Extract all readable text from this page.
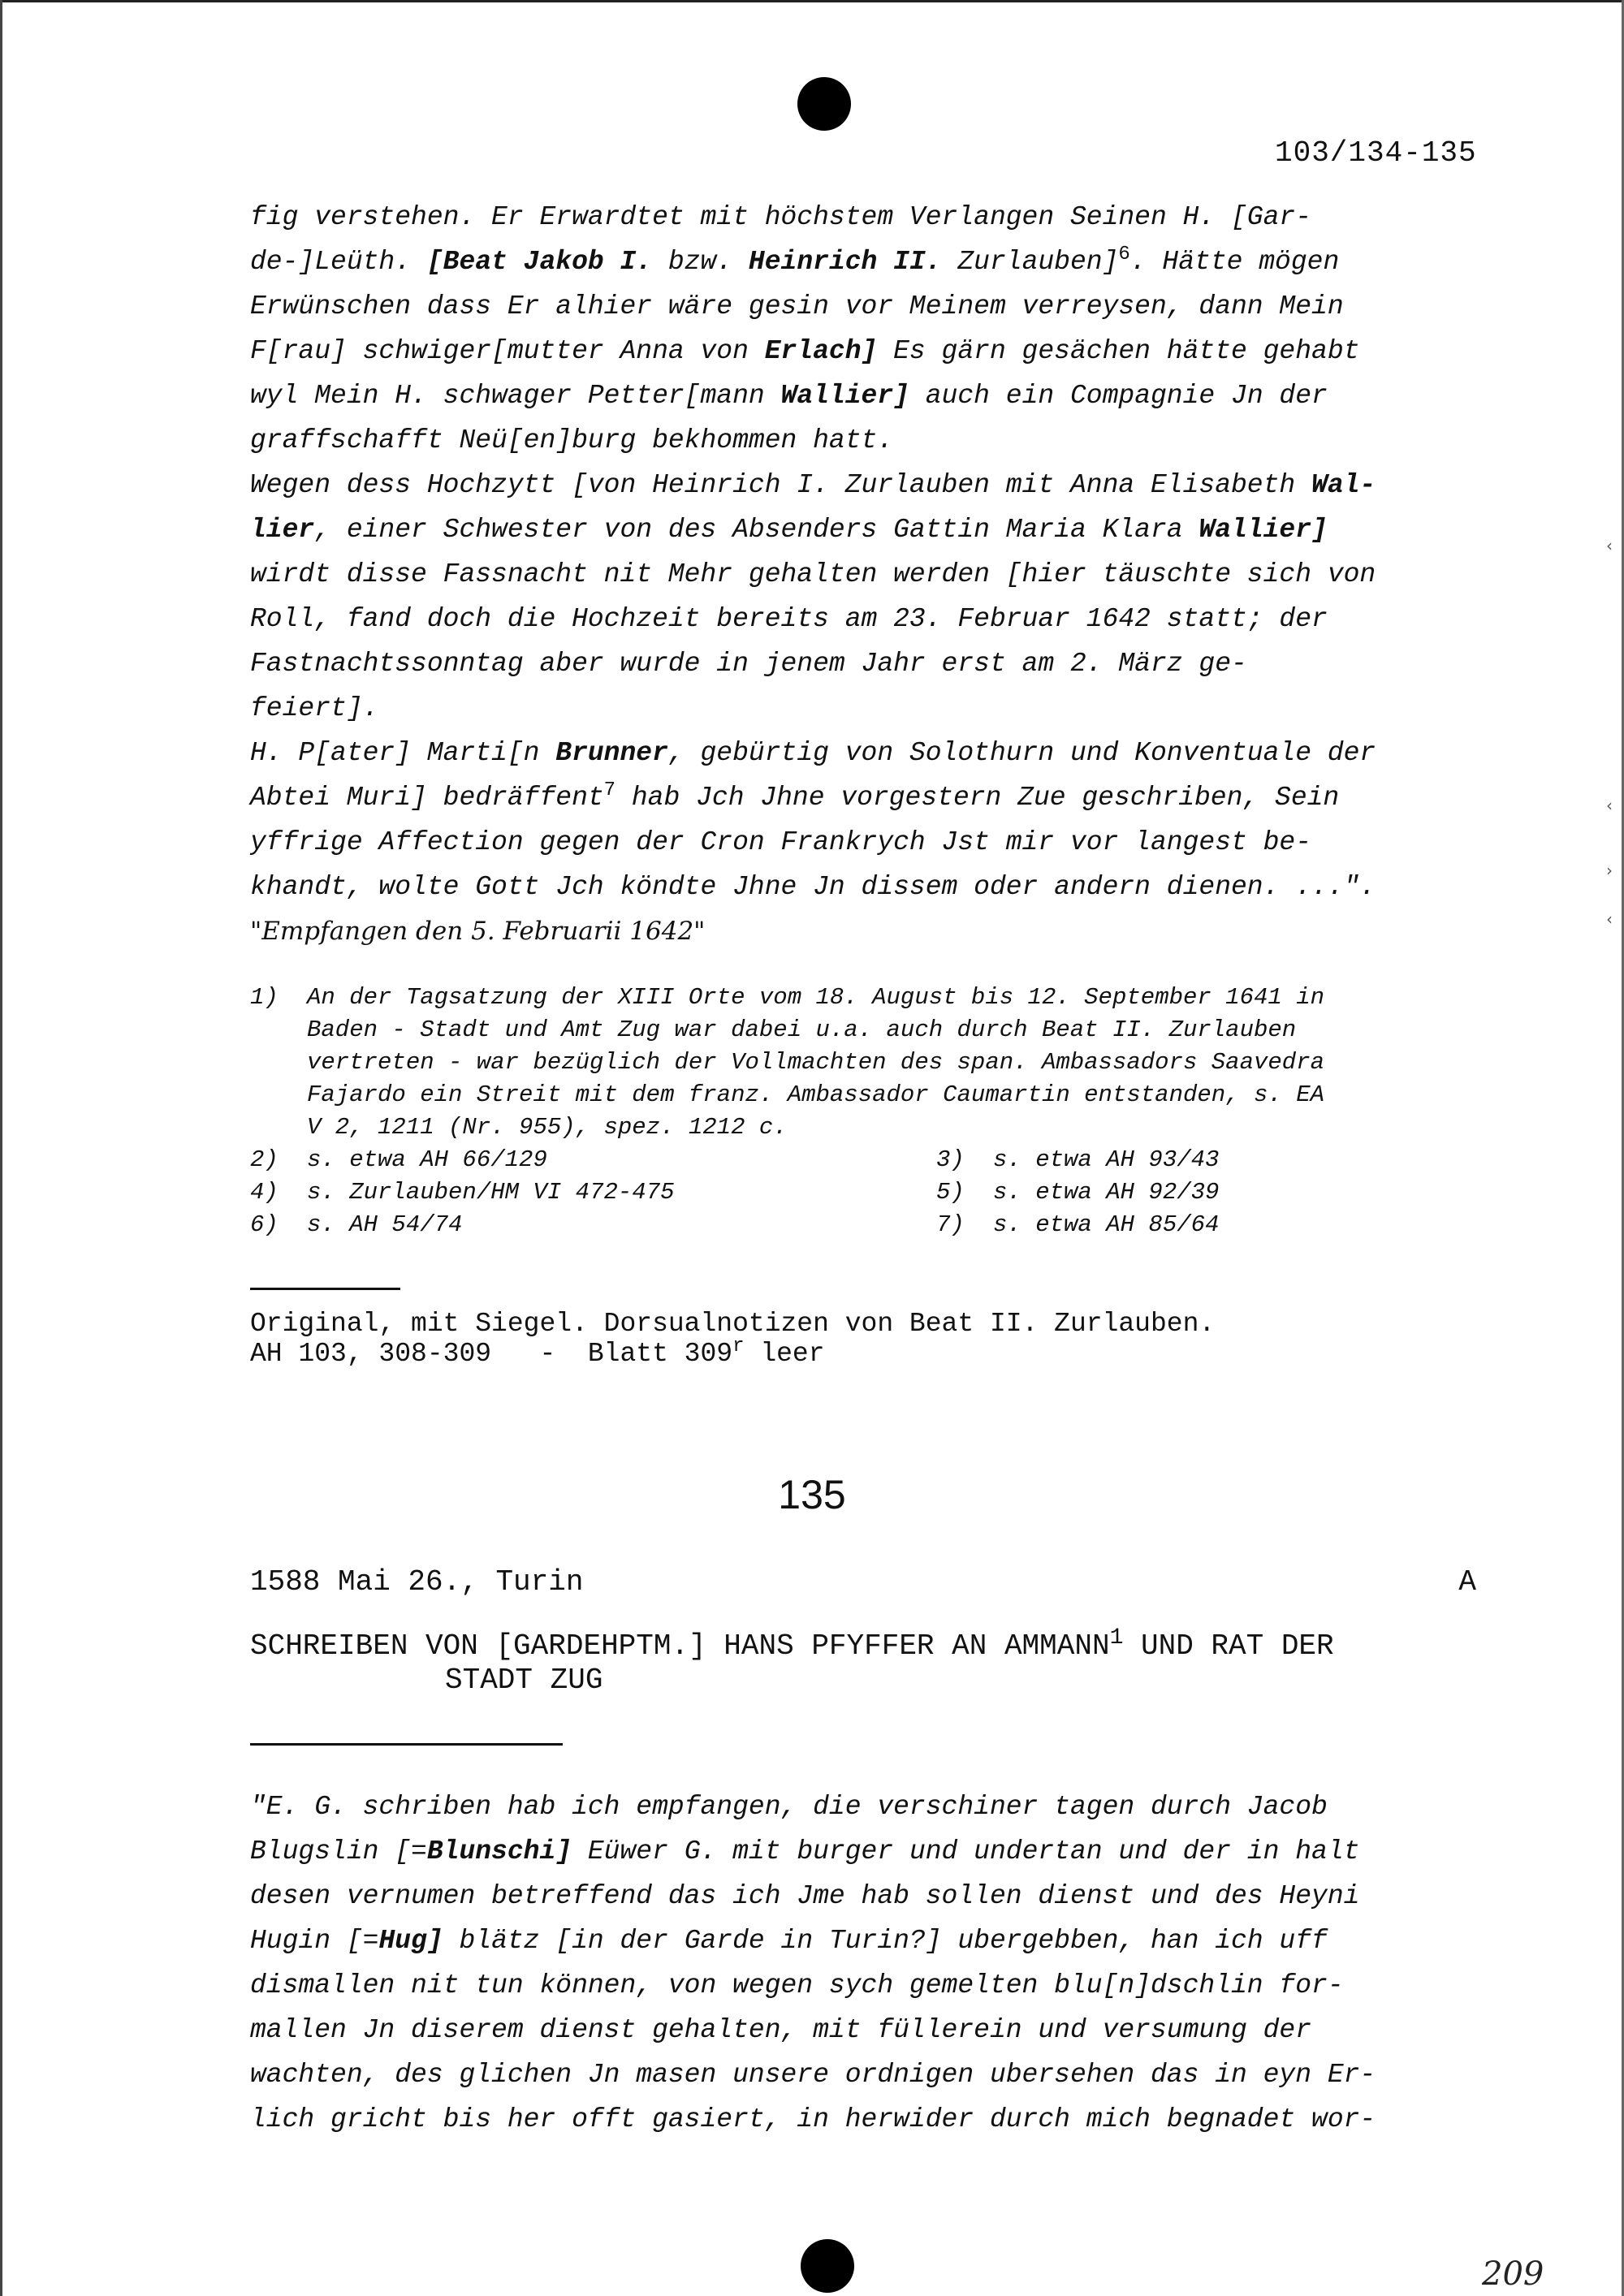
103/134-135

fig verstehen. Er Erwardtet mit höchstem Verlangen Seinen H. [Gar-
de-]Leüth. [Beat Jakob I. bzw. Heinrich II. Zurlauben]$^6$. Hätte mögen
Erwünschen dass Er alhier wäre gesin vor Meinem verreysen, dann Mein
F[rau] schwiger[mutter Anna von Erlach] Es gärn gesächen hätte gehabt
wyl Mein H. schwager Petter[mann Wallier] auch ein Compagnie Jn der
graffschafft Neü[en]burg bekhommen hatt.

Wegen dess Hochzytt [von Heinrich I. Zurlauben mit Anna Elisabeth Wal-
lier, einer Schwester von des Absenders Gattin Maria Klara Wallier]
wirdt disse Fassnacht nit Mehr gehalten werden [hier täuschte sich von
Roll, fand doch die Hochzeit bereits am 23. Februar 1642 statt; der
Fastnachtssonntag aber wurde in jenem Jahr erst am 2. März ge-
feiert].

H. P[ater] Marti[n Brunner, gebürtig von Solothurn und Konventuale der
Abtei Muri] bedräffent$^7$ hab Jch Jhne vorgestern Zue geschriben, Sein
yffrige Affection gegen der Cron Frankrych Jst mir vor langest be-
khandt, wolte Gott Jch köndte Jhne Jn dissem oder andern dienen. ...".
"Empfangen den 5. Februarii 1642"

1) An der Tagsatzung der XIII Orte vom 18. August bis 12. September 1641 in
Baden - Stadt und Amt Zug war dabei u.a. auch durch Beat II. Zurlauben
vertreten - war bezüglich der Vollmachten des span. Ambassadors Saavedra
Fajardo ein Streit mit dem franz. Ambassador Caumartin entstanden, s. EA
V 2, 1211 (Nr. 955), spez. 1212 c.
2) s. etwa AH 66/129	3) s. etwa AH 93/43
4) s. Zurlauben/HM VI 472-475	5) s. etwa AH 92/39
6) s. AH 54/74	7) s. etwa AH 85/64
Original, mit Siegel. Dorsualnotizen von Beat II. Zurlauben.
AH 103, 308-309   -  Blatt 309$^r$ leer
135
1588 Mai 26., Turin	A
SCHREIBEN VON [GARDEHPTM.] HANS PFYFFER AN AMMANN$^1$ UND RAT DER
STADT ZUG
"E. G. schriben hab ich empfangen, die verschiner tagen durch Jacob
Blugslin [=Blunschi] Eüwer G. mit burger und undertan und der in halt
desen vernumen betreffend das ich Jme hab sollen dienst und des Heyni
Hugin [=Hug] blätz [in der Garde in Turin?] ubergebben, han ich uff
dismallen nit tun können, von wegen sych gemelten blu[n]dschlin for-
mallen Jn diserem dienst gehalten, mit füllerein und versumung der
wachten, des glichen Jn masen unsere ordnigen ubersehen das in eyn Er-
lich gricht bis her offt gasiert, in herwider durch mich begnadet wor-
209
‹
‹
›
‹
